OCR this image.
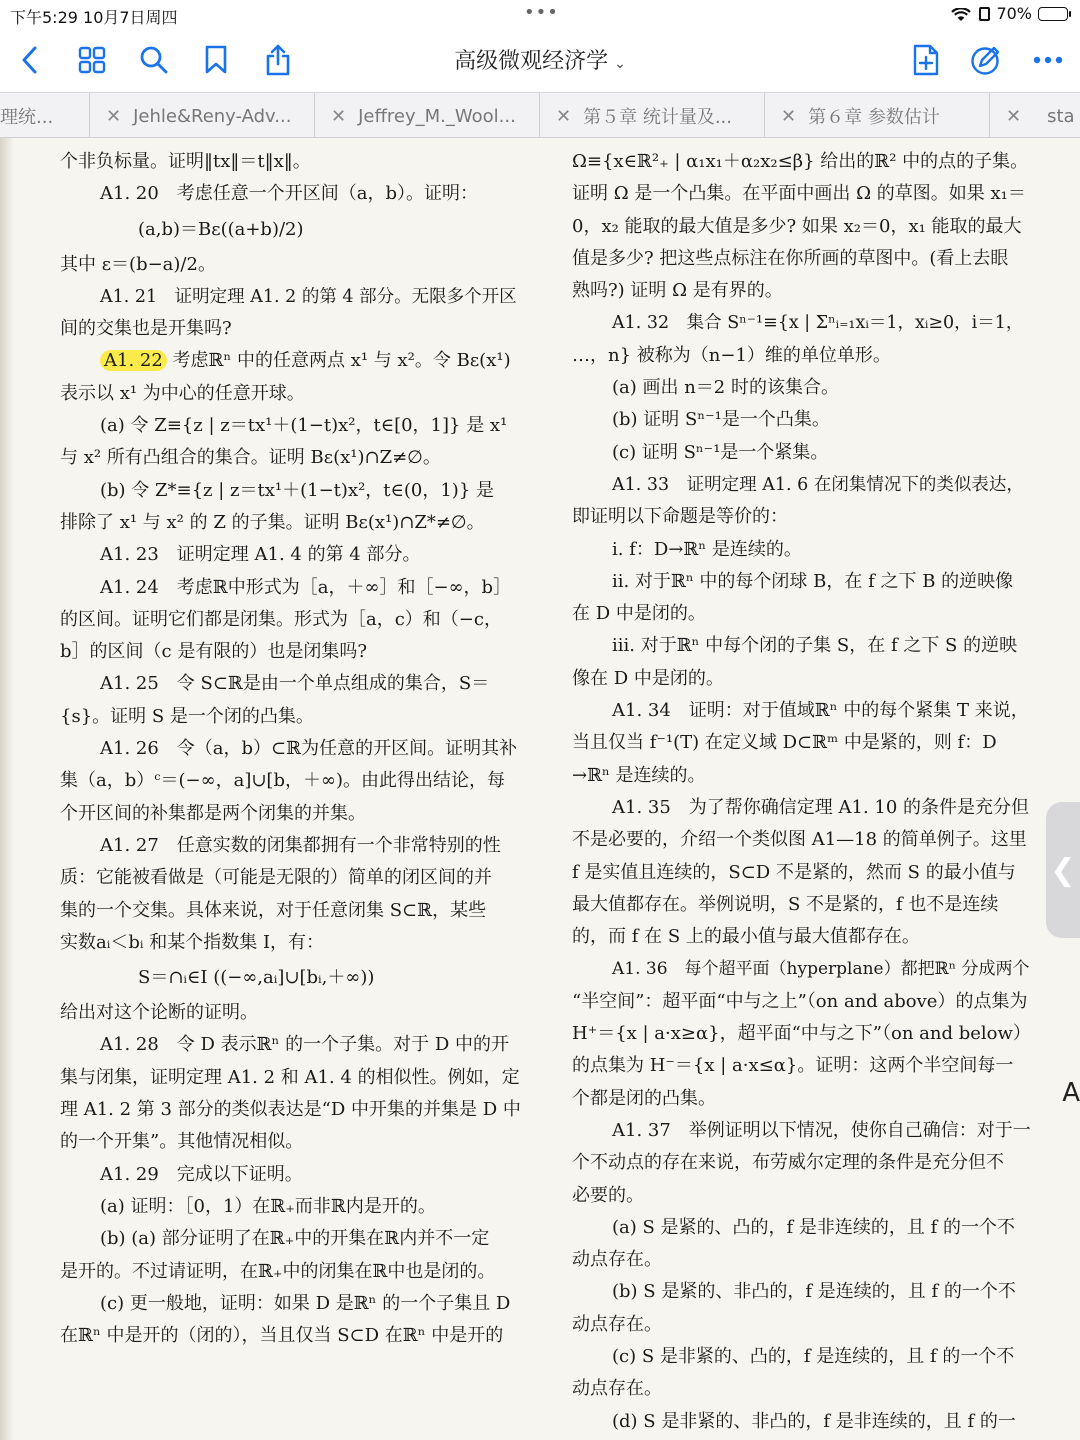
下午5:29 10月7日周四	•••	70%
高级微观经济学 ⌄
理统...	✕ Jehle&Reny-Adv... ✕ Jeffrey_M._Wool... ✕ 第５章 统计量及...	✕ 第６章 参数估计	✕ sta

个非负标量。证明‖tx‖＝t‖x‖。

A1. 20　考虑任意一个开区间（a，b）。证明：

(a,b)＝Bε((a+b)/2)

其中 ε＝(b−a)/2。

A1. 21　证明定理 A1. 2 的第 4 部分。无限多个开区

间的交集也是开集吗?

A1. 22 考虑ℝⁿ 中的任意两点 x¹ 与 x²。令 Bε(x¹)

表示以 x¹ 为中心的任意开球。

(a) 令 Z≡{z | z＝tx¹＋(1−t)x²，t∈[0，1]} 是 x¹

与 x² 所有凸组合的集合。证明 Bε(x¹)∩Z≠∅。

(b) 令 Z*≡{z | z＝tx¹＋(1−t)x²，t∈(0，1)} 是

排除了 x¹ 与 x² 的 Z 的子集。证明 Bε(x¹)∩Z*≠∅。

A1. 23　证明定理 A1. 4 的第 4 部分。

A1. 24　考虑ℝ中形式为［a，＋∞］和［−∞，b］

的区间。证明它们都是闭集。形式为［a，c）和（−c，

b］的区间（c 是有限的）也是闭集吗?

A1. 25　令 S⊂ℝ是由一个单点组成的集合，S＝

{s}。证明 S 是一个闭的凸集。

A1. 26　令（a，b）⊂ℝ为任意的开区间。证明其补

集（a，b）ᶜ＝(−∞，a]∪[b，＋∞)。由此得出结论，每

个开区间的补集都是两个闭集的并集。

A1. 27　任意实数的闭集都拥有一个非常特别的性

质：它能被看做是（可能是无限的）简单的闭区间的并

集的一个交集。具体来说，对于任意闭集 S⊂ℝ，某些

实数aᵢ＜bᵢ 和某个指数集 I，有：

S＝∩ᵢ∈I ((−∞,aᵢ]∪[bᵢ,＋∞))

给出对这个论断的证明。

A1. 28　令 D 表示ℝⁿ 的一个子集。对于 D 中的开

集与闭集，证明定理 A1. 2 和 A1. 4 的相似性。例如，定

理 A1. 2 第 3 部分的类似表达是“D 中开集的并集是 D 中

的一个开集”。其他情况相似。

A1. 29　完成以下证明。

(a) 证明：［0，1）在ℝ₊而非ℝ内是开的。

(b) (a) 部分证明了在ℝ₊中的开集在ℝ内并不一定

是开的。不过请证明，在ℝ₊中的闭集在ℝ中也是闭的。

(c) 更一般地，证明：如果 D 是ℝⁿ 的一个子集且 D

在ℝⁿ 中是开的（闭的），当且仅当 S⊂D 在ℝⁿ 中是开的

Ω≡{x∈ℝ²₊ | α₁x₁＋α₂x₂≤β} 给出的ℝ² 中的点的子集。

证明 Ω 是一个凸集。在平面中画出 Ω 的草图。如果 x₁＝

0，x₂ 能取的最大值是多少? 如果 x₂＝0，x₁ 能取的最大

值是多少? 把这些点标注在你所画的草图中。(看上去眼

熟吗?) 证明 Ω 是有界的。

A1. 32　集合 Sⁿ⁻¹≡{x | Σⁿᵢ₌₁xᵢ＝1，xᵢ≥0，i＝1，

…，n} 被称为（n−1）维的单位单形。

(a) 画出 n＝2 时的该集合。

(b) 证明 Sⁿ⁻¹是一个凸集。

(c) 证明 Sⁿ⁻¹是一个紧集。

A1. 33　证明定理 A1. 6 在闭集情况下的类似表达，

即证明以下命题是等价的：

ⅰ. f：D→ℝⁿ 是连续的。

ⅱ. 对于ℝⁿ 中的每个闭球 B，在 f 之下 B 的逆映像

在 D 中是闭的。

ⅲ. 对于ℝⁿ 中每个闭的子集 S，在 f 之下 S 的逆映

像在 D 中是闭的。

A1. 34　证明：对于值域ℝⁿ 中的每个紧集 T 来说，

当且仅当 f⁻¹(T) 在定义域 D⊂ℝᵐ 中是紧的，则 f：D

→ℝⁿ 是连续的。

A1. 35　为了帮你确信定理 A1. 10 的条件是充分但

不是必要的，介绍一个类似图 A1—18 的简单例子。这里

f 是实值且连续的，S⊂D 不是紧的，然而 S 的最小值与

最大值都存在。举例说明，S 不是紧的，f 也不是连续

的，而 f 在 S 上的最小值与最大值都存在。

A1. 36　每个超平面（hyperplane）都把ℝⁿ 分成两个

“半空间”：超平面“中与之上”（on and above）的点集为

H⁺＝{x | a·x≥α}，超平面“中与之下”（on and below）

的点集为 H⁻＝{x | a·x≤α}。证明：这两个半空间每一

个都是闭的凸集。

A1. 37　举例证明以下情况，使你自己确信：对于一

个不动点的存在来说，布劳威尔定理的条件是充分但不

必要的。

(a) S 是紧的、凸的，f 是非连续的，且 f 的一个不

动点存在。

(b) S 是紧的、非凸的，f 是连续的，且 f 的一个不

动点存在。

(c) S 是非紧的、凸的，f 是连续的，且 f 的一个不

动点存在。

(d) S 是非紧的、非凸的，f 是非连续的，且 f 的一

❮
A
